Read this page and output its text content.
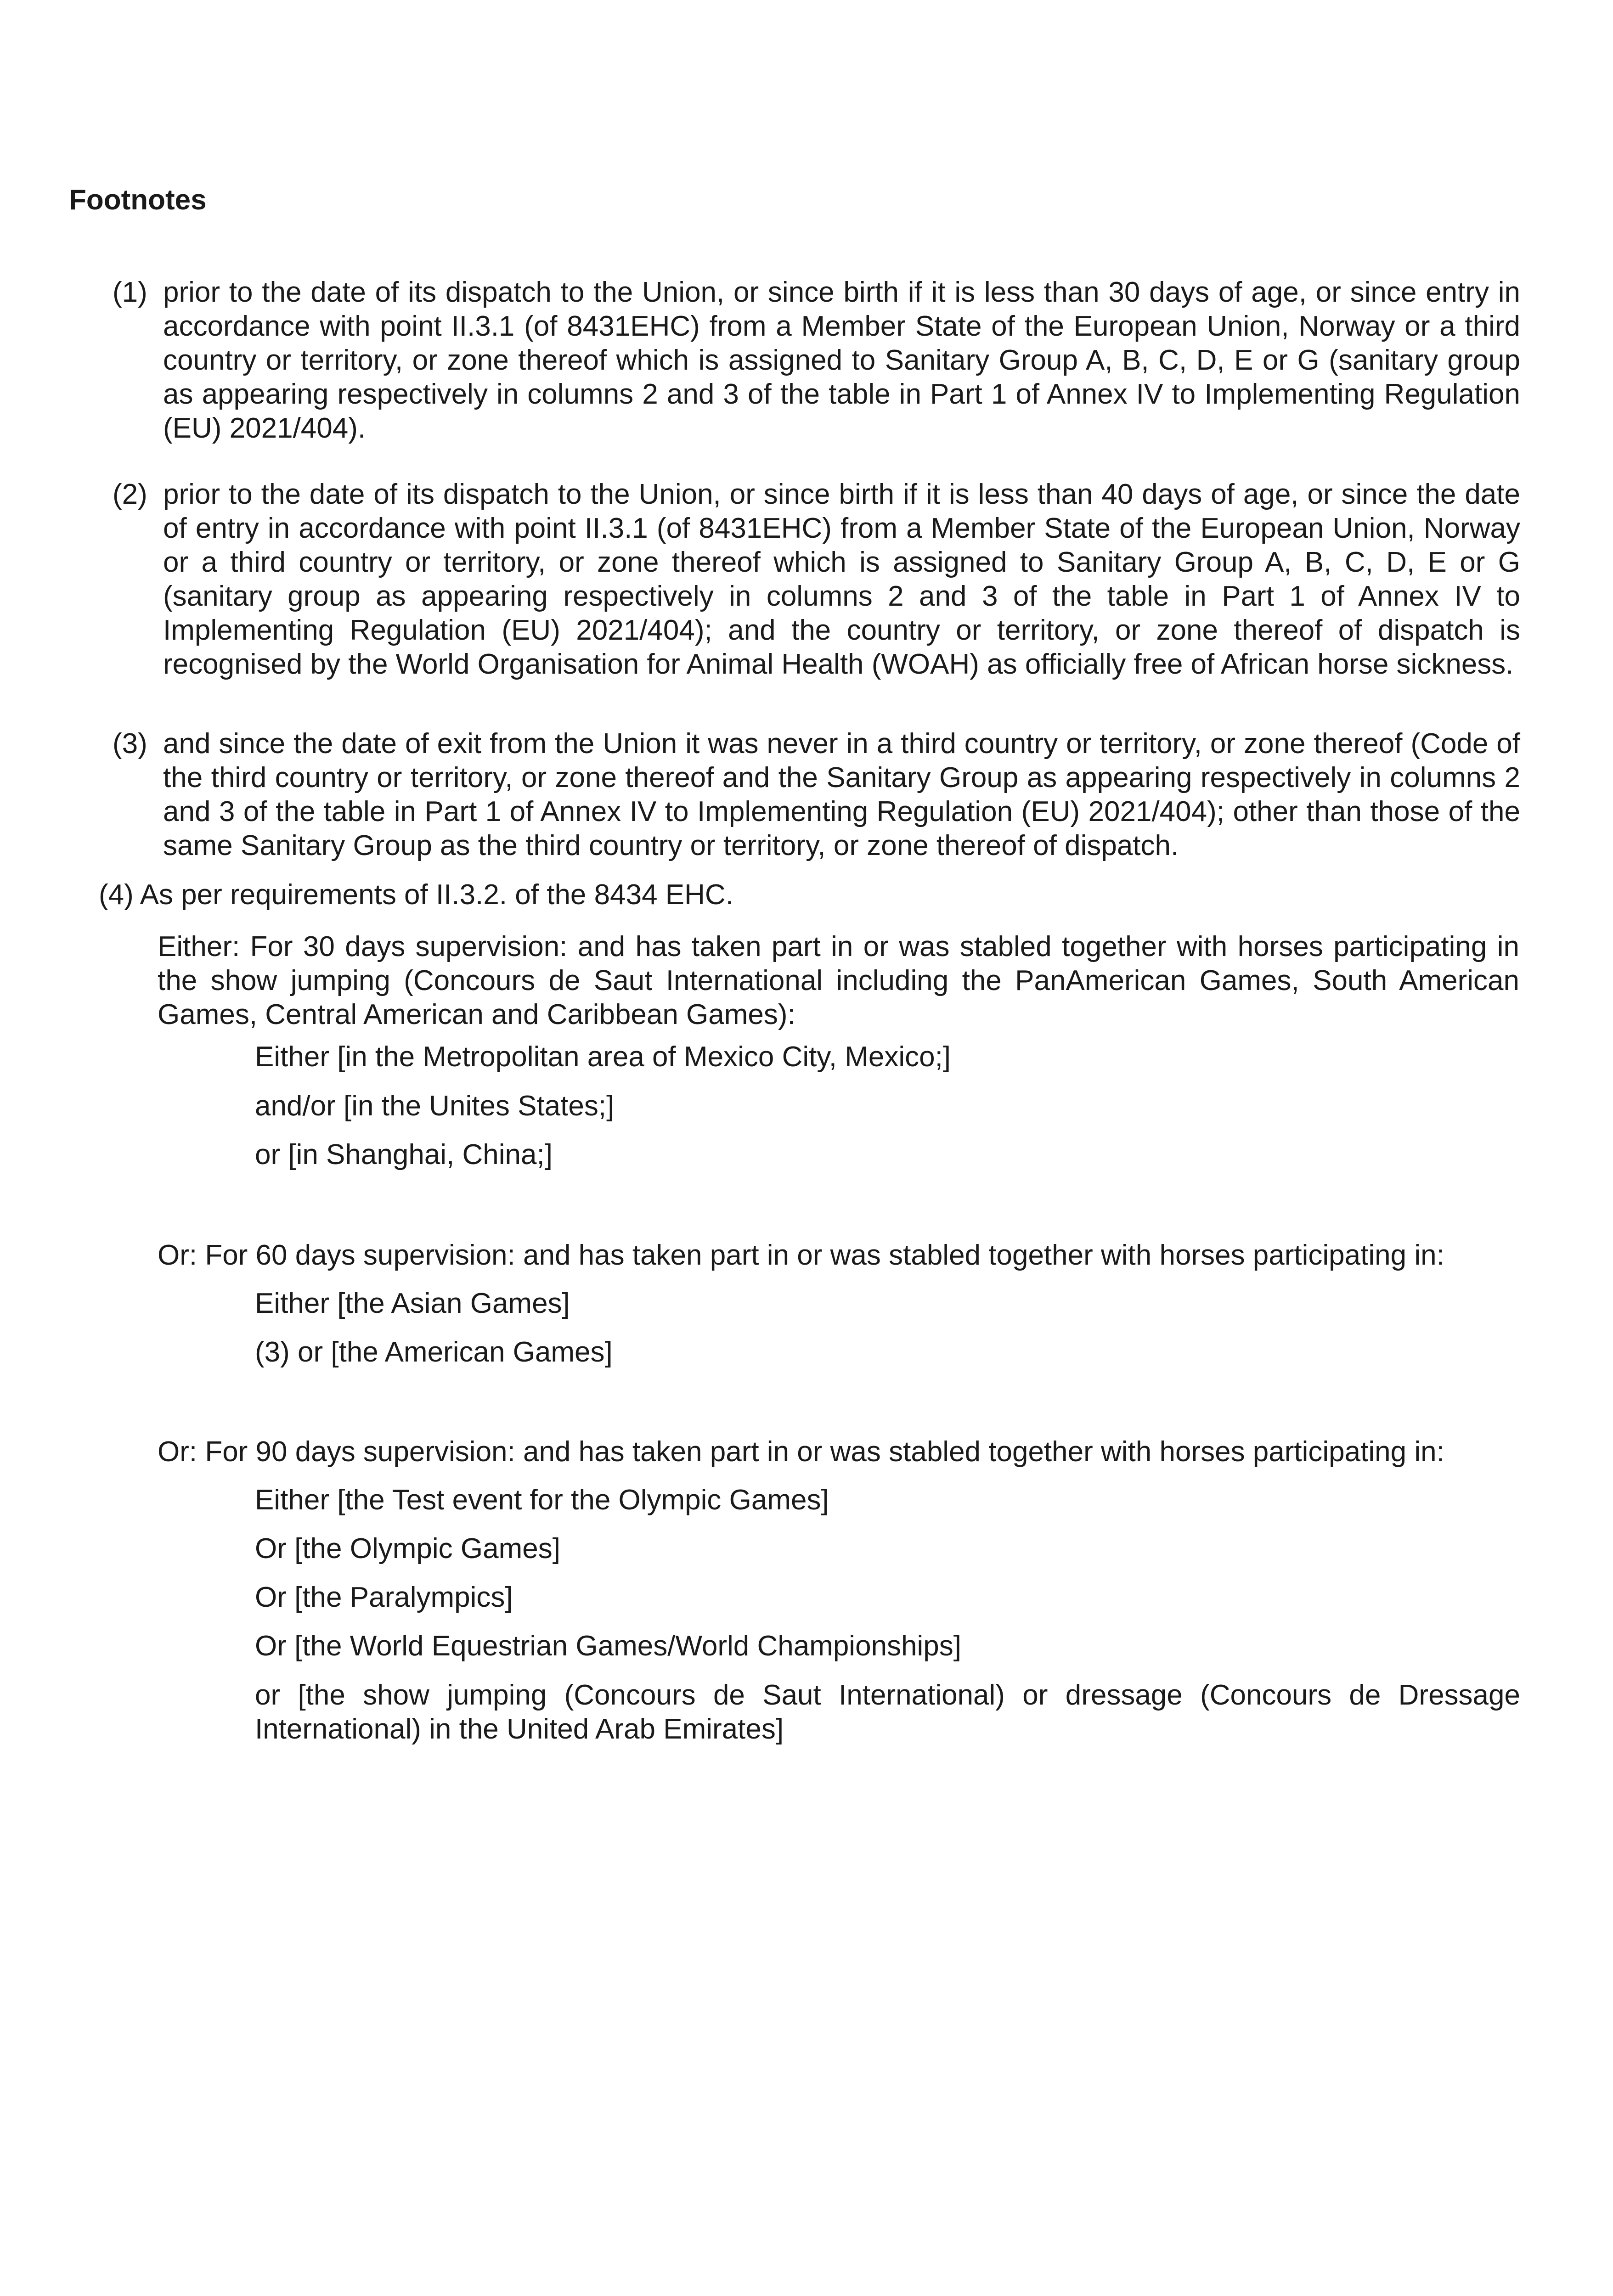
Footnotes
(1) prior to the date of its dispatch to the Union, or since birth if it is less than 30 days of age, or since entry in accordance with point II.3.1 (of 8431EHC) from a Member State of the European Union, Norway or a third country or territory, or zone thereof which is assigned to Sanitary Group A, B, C, D, E or G (sanitary group as appearing respectively in columns 2 and 3 of the table in Part 1 of Annex IV to Implementing Regulation (EU) 2021/404).

(2) prior to the date of its dispatch to the Union, or since birth if it is less than 40 days of age, or since the date of entry in accordance with point II.3.1 (of 8431EHC) from a Member State of the European Union, Norway or a third country or territory, or zone thereof which is assigned to Sanitary Group A, B, C, D, E or G (sanitary group as appearing respectively in columns 2 and 3 of the table in Part 1 of Annex IV to Implementing Regulation (EU) 2021/404); and the country or territory, or zone thereof of dispatch is recognised by the World Organisation for Animal Health (WOAH) as officially free of African horse sickness.

(3) and since the date of exit from the Union it was never in a third country or territory, or zone thereof (Code of the third country or territory, or zone thereof and the Sanitary Group as appearing respectively in columns 2 and 3 of the table in Part 1 of Annex IV to Implementing Regulation (EU) 2021/404); other than those of the same Sanitary Group as the third country or territory, or zone thereof of dispatch.

(4) As per requirements of II.3.2. of the 8434 EHC.

Either: For 30 days supervision: and has taken part in or was stabled together with horses participating in the show jumping (Concours de Saut International including the PanAmerican Games, South American Games, Central American and Caribbean Games):

Either [in the Metropolitan area of Mexico City, Mexico;]

and/or [in the Unites States;]

or [in Shanghai, China;]

Or: For 60 days supervision: and has taken part in or was stabled together with horses participating in:

Either [the Asian Games]

(3) or [the American Games]

Or: For 90 days supervision: and has taken part in or was stabled together with horses participating in:

Either [the Test event for the Olympic Games]

Or [the Olympic Games]

Or [the Paralympics]

Or [the World Equestrian Games/World Championships]

or [the show jumping (Concours de Saut International) or dressage (Concours de Dressage International) in the United Arab Emirates]
